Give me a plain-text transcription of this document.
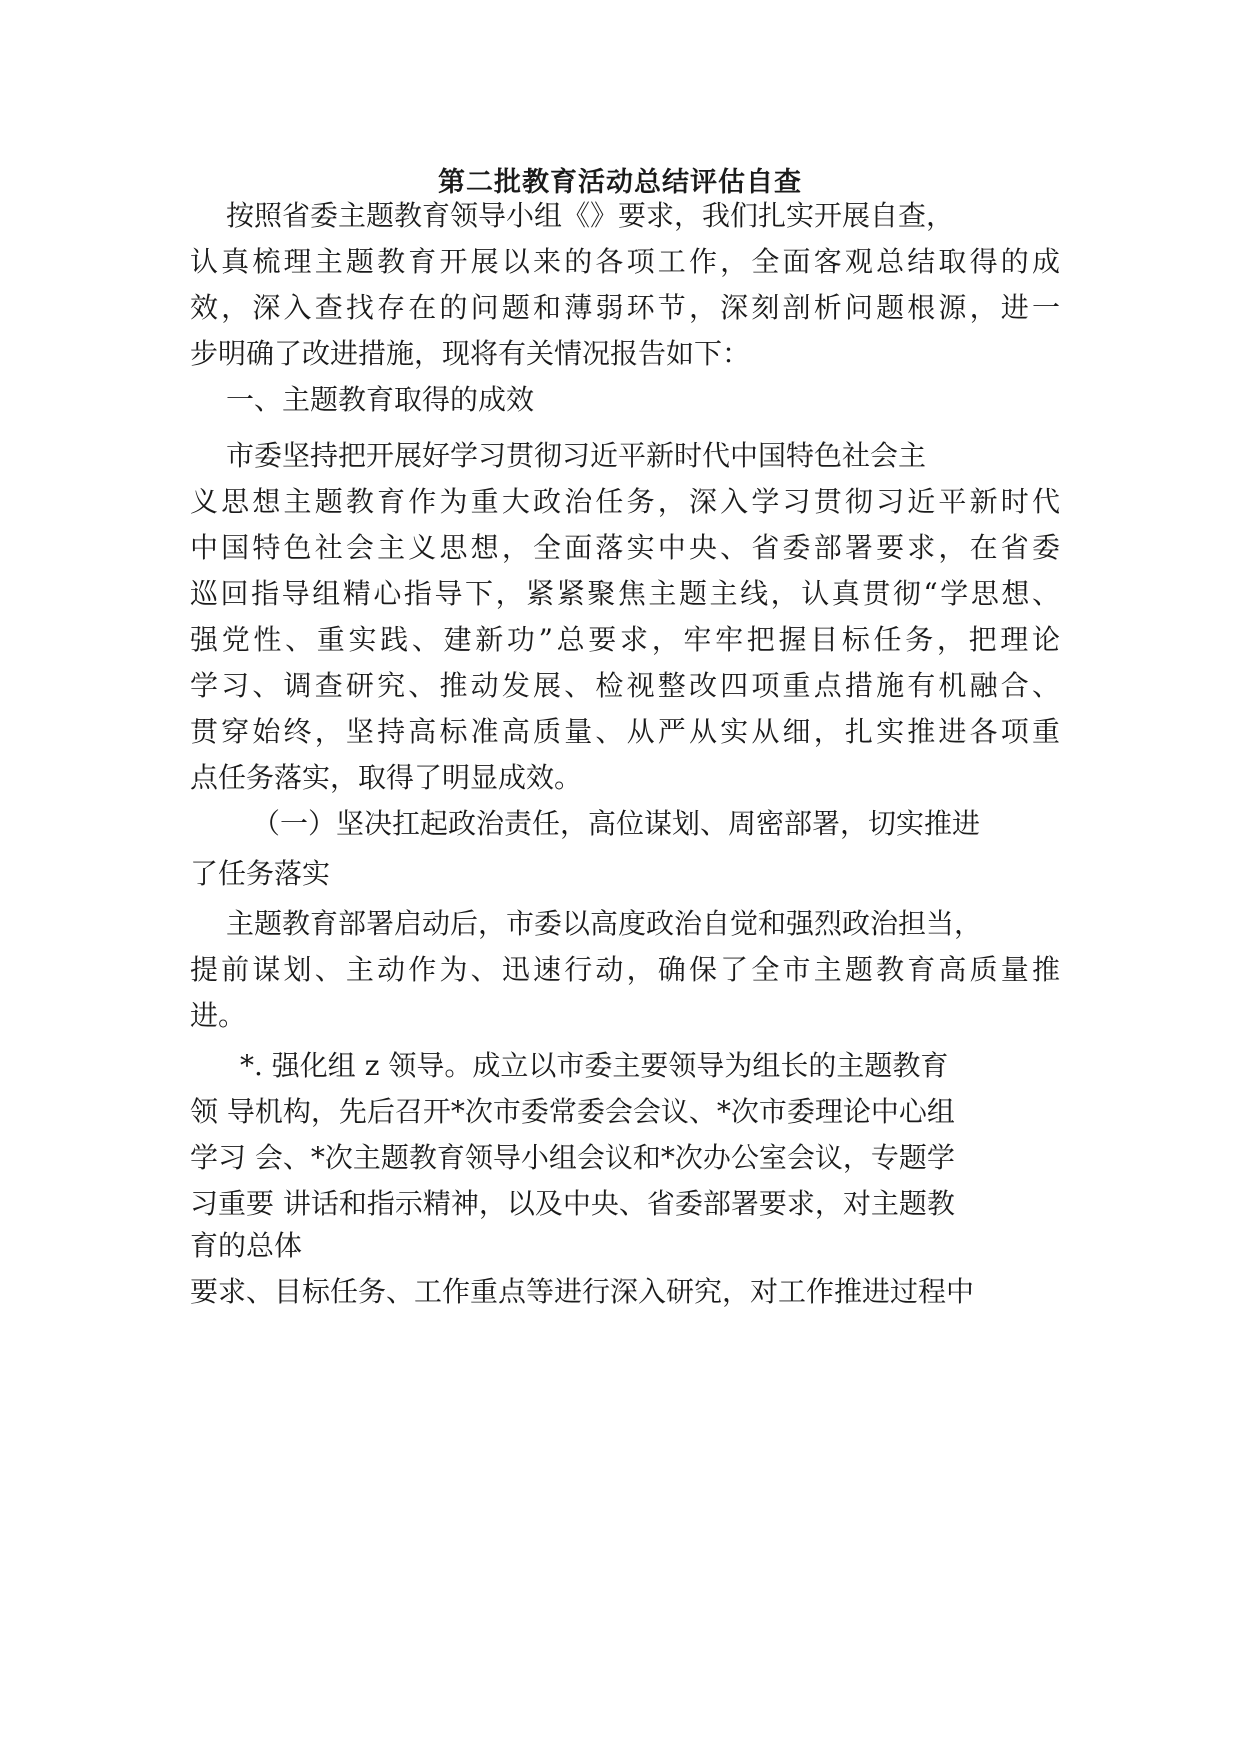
第二批教育活动总结评估自查

按照省委主题教育领导小组《》要求，我们扎实开展自查，

认真梳理主题教育开展以来的各项工作，全面客观总结取得的成

效，深入查找存在的问题和薄弱环节，深刻剖析问题根源，进一

步明确了改进措施，现将有关情况报告如下：

一、主题教育取得的成效

市委坚持把开展好学习贯彻习近平新时代中国特色社会主

义思想主题教育作为重大政治任务，深入学习贯彻习近平新时代

中国特色社会主义思想，全面落实中央、省委部署要求，在省委

巡回指导组精心指导下，紧紧聚焦主题主线，认真贯彻“学思想、

强党性、重实践、建新功”总要求，牢牢把握目标任务，把理论

学习、调查研究、推动发展、检视整改四项重点措施有机融合、

贯穿始终，坚持高标准高质量、从严从实从细，扎实推进各项重

点任务落实，取得了明显成效。

（一）坚决扛起政治责任，高位谋划、周密部署，切实推进

了任务落实

主题教育部署启动后，市委以高度政治自觉和强烈政治担当，

提前谋划、主动作为、迅速行动，确保了全市主题教育高质量推

进。

*. 强化组 z 领导。成立以市委主要领导为组长的主题教育

领 导机构，先后召开*次市委常委会会议、*次市委理论中心组

学习 会、*次主题教育领导小组会议和*次办公室会议，专题学

习重要 讲话和指示精神，以及中央、省委部署要求，对主题教

育的总体

要求、目标任务、工作重点等进行深入研究，对工作推进过程中
